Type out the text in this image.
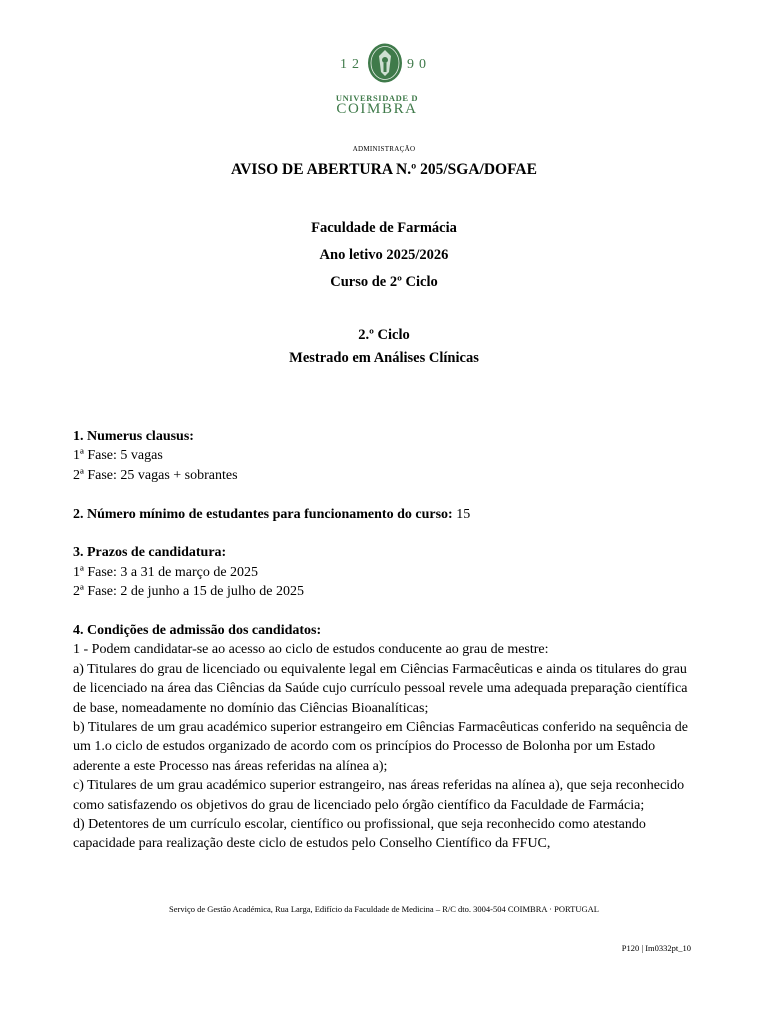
12	90
UNIVERSIDADE D
COIMBRA
ADMINISTRAÇÃO
AVISO DE ABERTURA N.º 205/SGA/DOFAE
Faculdade de Farmácia
Ano letivo 2025/2026
Curso de 2º Ciclo
2.º Ciclo
Mestrado em Análises Clínicas

1. Numerus clausus:

1ª Fase: 5 vagas

2ª Fase: 25 vagas + sobrantes

2. Número mínimo de estudantes para funcionamento do curso: 15

3. Prazos de candidatura:

1ª Fase: 3 a 31 de março de 2025

2ª Fase: 2 de junho a 15 de julho de 2025

4. Condições de admissão dos candidatos:

1 - Podem candidatar-se ao acesso ao ciclo de estudos conducente ao grau de mestre:

a) Titulares do grau de licenciado ou equivalente legal em Ciências Farmacêuticas e ainda os titulares do grau de licenciado na área das Ciências da Saúde cujo currículo pessoal revele uma adequada preparação científica de base, nomeadamente no domínio das Ciências Bioanalíticas;

b) Titulares de um grau académico superior estrangeiro em Ciências Farmacêuticas conferido na sequência de um 1.o ciclo de estudos organizado de acordo com os princípios do Processo de Bolonha por um Estado aderente a este Processo nas áreas referidas na alínea a);

c) Titulares de um grau académico superior estrangeiro, nas áreas referidas na alínea a), que seja reconhecido como satisfazendo os objetivos do grau de licenciado pelo órgão científico da Faculdade de Farmácia;

d) Detentores de um currículo escolar, científico ou profissional, que seja reconhecido como atestando capacidade para realização deste ciclo de estudos pelo Conselho Científico da FFUC,

Serviço de Gestão Académica, Rua Larga, Edifício da Faculdade de Medicina – R/C dto. 3004-504 COIMBRA · PORTUGAL
P120 | Im0332pt_10
